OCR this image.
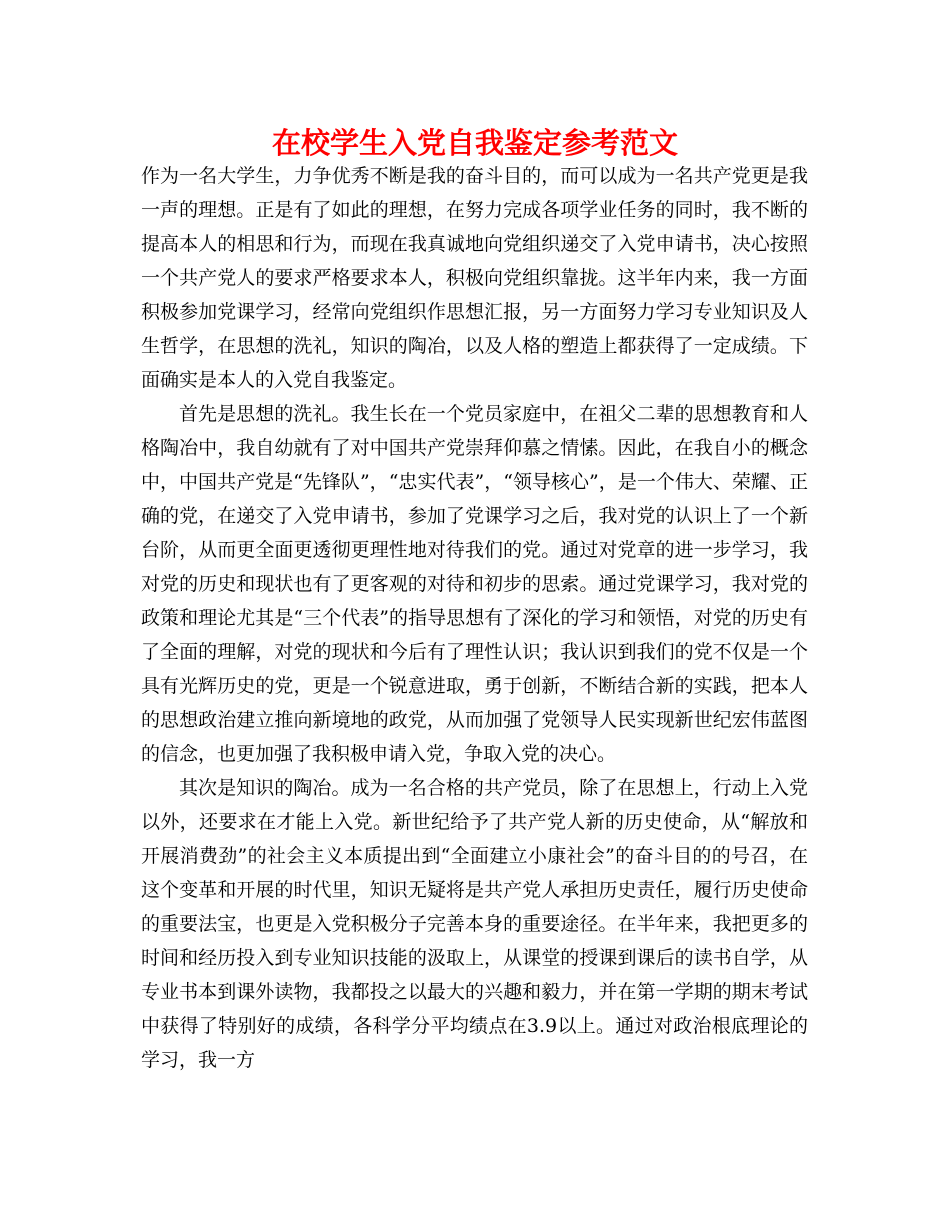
在校学生入党自我鉴定参考范文

作为一名大学生，力争优秀不断是我的奋斗目的，而可以成为一名共产党更是我一声的理想。正是有了如此的理想，在努力完成各项学业任务的同时，我不断的提高本人的相思和行为，而现在我真诚地向党组织递交了入党申请书，决心按照一个共产党人的要求严格要求本人，积极向党组织靠拢。这半年内来，我一方面积极参加党课学习，经常向党组织作思想汇报，另一方面努力学习专业知识及人生哲学，在思想的洗礼，知识的陶冶，以及人格的塑造上都获得了一定成绩。下面确实是本人的入党自我鉴定。

首先是思想的洗礼。我生长在一个党员家庭中，在祖父二辈的思想教育和人格陶冶中，我自幼就有了对中国共产党崇拜仰慕之情愫。因此，在我自小的概念中，中国共产党是“先锋队”，“忠实代表”，“领导核心”，是一个伟大、荣耀、正确的党，在递交了入党申请书，参加了党课学习之后，我对党的认识上了一个新台阶，从而更全面更透彻更理性地对待我们的党。通过对党章的进一步学习，我对党的历史和现状也有了更客观的对待和初步的思索。通过党课学习，我对党的政策和理论尤其是“三个代表”的指导思想有了深化的学习和领悟，对党的历史有了全面的理解，对党的现状和今后有了理性认识；我认识到我们的党不仅是一个具有光辉历史的党，更是一个锐意进取，勇于创新，不断结合新的实践，把本人的思想政治建立推向新境地的政党，从而加强了党领导人民实现新世纪宏伟蓝图的信念，也更加强了我积极申请入党，争取入党的决心。

其次是知识的陶冶。成为一名合格的共产党员，除了在思想上，行动上入党以外，还要求在才能上入党。新世纪给予了共产党人新的历史使命，从“解放和开展消费劲”的社会主义本质提出到“全面建立小康社会”的奋斗目的的号召，在这个变革和开展的时代里，知识无疑将是共产党人承担历史责任，履行历史使命的重要法宝，也更是入党积极分子完善本身的重要途径。在半年来，我把更多的时间和经历投入到专业知识技能的汲取上，从课堂的授课到课后的读书自学，从专业书本到课外读物，我都投之以最大的兴趣和毅力，并在第一学期的期末考试中获得了特别好的成绩，各科学分平均绩点在3.9以上。通过对政治根底理论的学习，我一方
